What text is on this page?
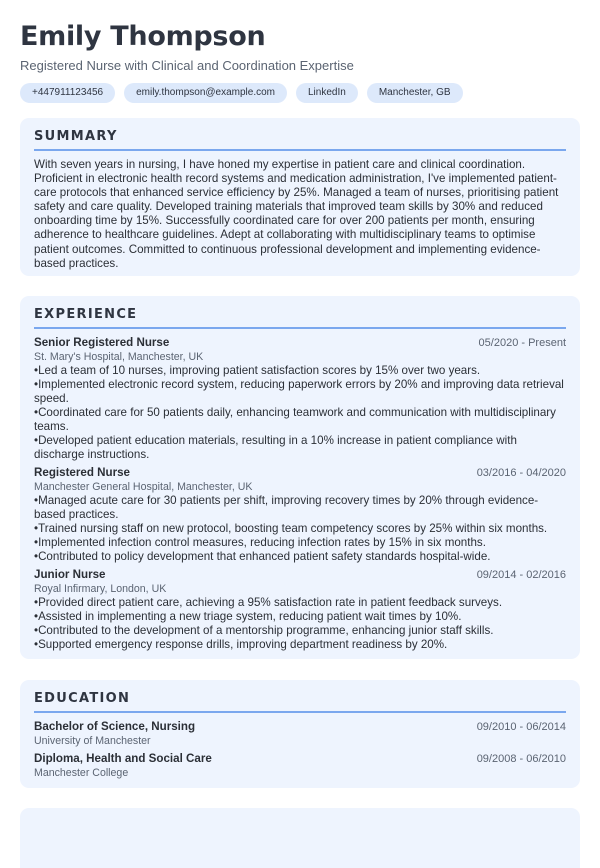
Emily Thompson
Registered Nurse with Clinical and Coordination Expertise
+447911123456	emily.thompson@example.com	LinkedIn	Manchester, GB
SUMMARY
With seven years in nursing, I have honed my expertise in patient care and clinical coordination. Proficient in electronic health record systems and medication administration, I've implemented patient-care protocols that enhanced service efficiency by 25%. Managed a team of nurses, prioritising patient safety and care quality. Developed training materials that improved team skills by 30% and reduced onboarding time by 15%. Successfully coordinated care for over 200 patients per month, ensuring adherence to healthcare guidelines. Adept at collaborating with multidisciplinary teams to optimise patient outcomes. Committed to continuous professional development and implementing evidence-based practices.
EXPERIENCE
Senior Registered Nurse	05/2020 - Present
St. Mary's Hospital, Manchester, UK
• Led a team of 10 nurses, improving patient satisfaction scores by 15% over two years.
• Implemented electronic record system, reducing paperwork errors by 20% and improving data retrieval speed.
• Coordinated care for 50 patients daily, enhancing teamwork and communication with multidisciplinary teams.
• Developed patient education materials, resulting in a 10% increase in patient compliance with discharge instructions.
Registered Nurse	03/2016 - 04/2020
Manchester General Hospital, Manchester, UK
• Managed acute care for 30 patients per shift, improving recovery times by 20% through evidence-based practices.
• Trained nursing staff on new protocol, boosting team competency scores by 25% within six months.
• Implemented infection control measures, reducing infection rates by 15% in six months.
• Contributed to policy development that enhanced patient safety standards hospital-wide.
Junior Nurse	09/2014 - 02/2016
Royal Infirmary, London, UK
• Provided direct patient care, achieving a 95% satisfaction rate in patient feedback surveys.
• Assisted in implementing a new triage system, reducing patient wait times by 10%.
• Contributed to the development of a mentorship programme, enhancing junior staff skills.
• Supported emergency response drills, improving department readiness by 20%.
EDUCATION
Bachelor of Science, Nursing	09/2010 - 06/2014
University of Manchester
Diploma, Health and Social Care	09/2008 - 06/2010
Manchester College
